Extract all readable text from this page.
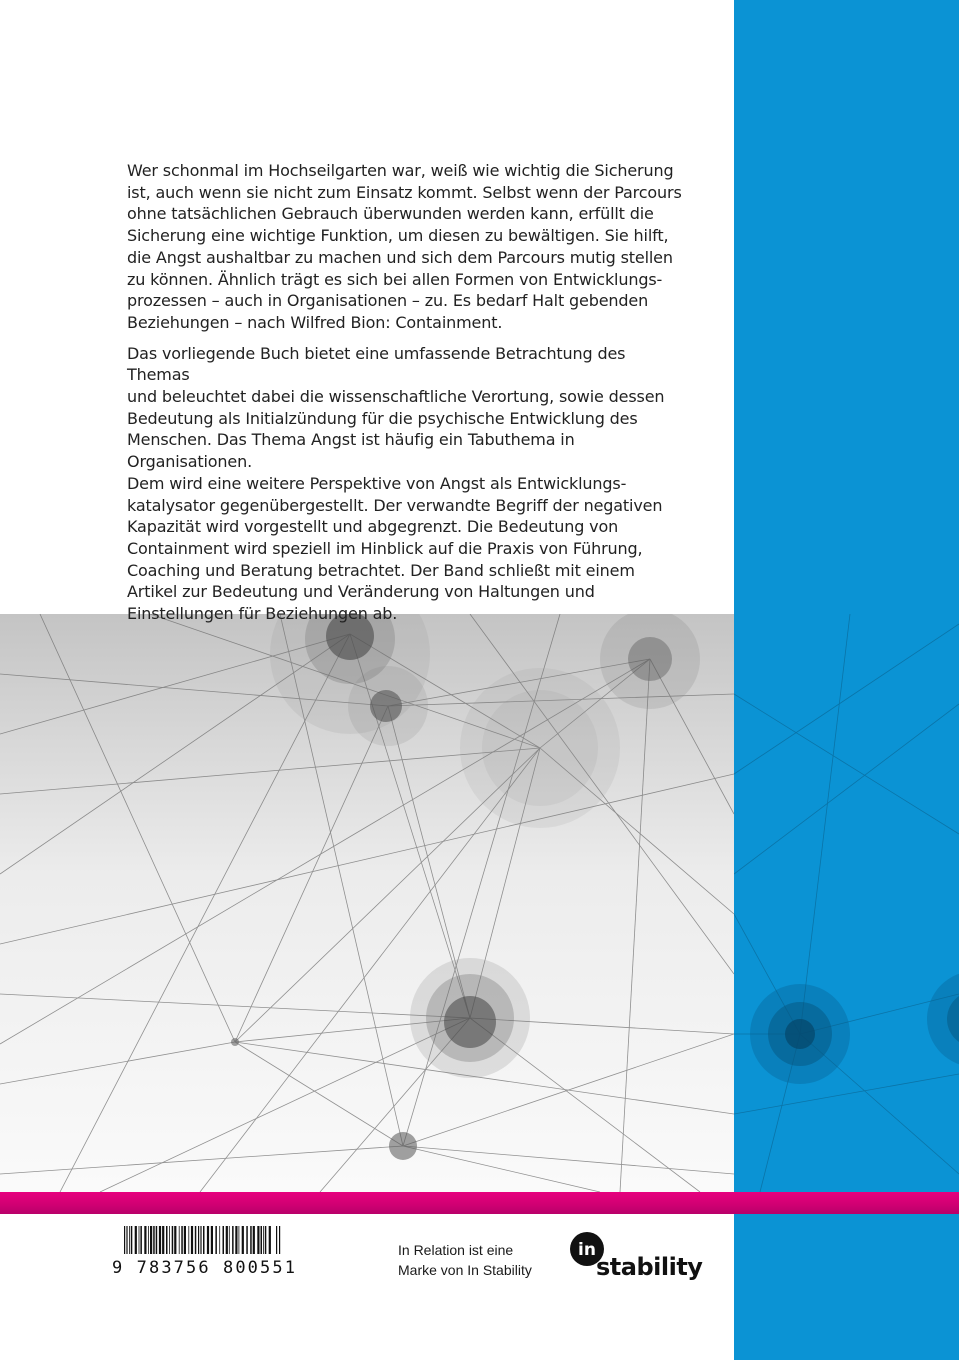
Wer schonmal im Hochseilgarten war, weiß wie wichtig die Sicherung
ist, auch wenn sie nicht zum Einsatz kommt. Selbst wenn der Parcours
ohne tatsächlichen Gebrauch überwunden werden kann, erfüllt die
Sicherung eine wichtige Funktion, um diesen zu bewältigen. Sie hilft,
die Angst aushaltbar zu machen und sich dem Parcours mutig stellen
zu können. Ähnlich trägt es sich bei allen Formen von Entwicklungs-
prozessen – auch in Organisationen – zu. Es bedarf Halt gebenden
Beziehungen – nach Wilfred Bion: Containment.

Das vorliegende Buch bietet eine umfassende Betrachtung des Themas
und beleuchtet dabei die wissenschaftliche Verortung, sowie dessen
Bedeutung als Initialzündung für die psychische Entwicklung des
Menschen. Das Thema Angst ist häufig ein Tabuthema in Organisationen.
Dem wird eine weitere Perspektive von Angst als Entwicklungs-
katalysator gegenübergestellt. Der verwandte Begriff der negativen
Kapazität wird vorgestellt und abgegrenzt. Die Bedeutung von
Containment wird speziell im Hinblick auf die Praxis von Führung,
Coaching und Beratung betrachtet. Der Band schließt mit einem
Artikel zur Bedeutung und Veränderung von Haltungen und
Einstellungen für Beziehungen ab.

9 783756 800551
In Relation ist eine
Marke von In Stability
in
stability
